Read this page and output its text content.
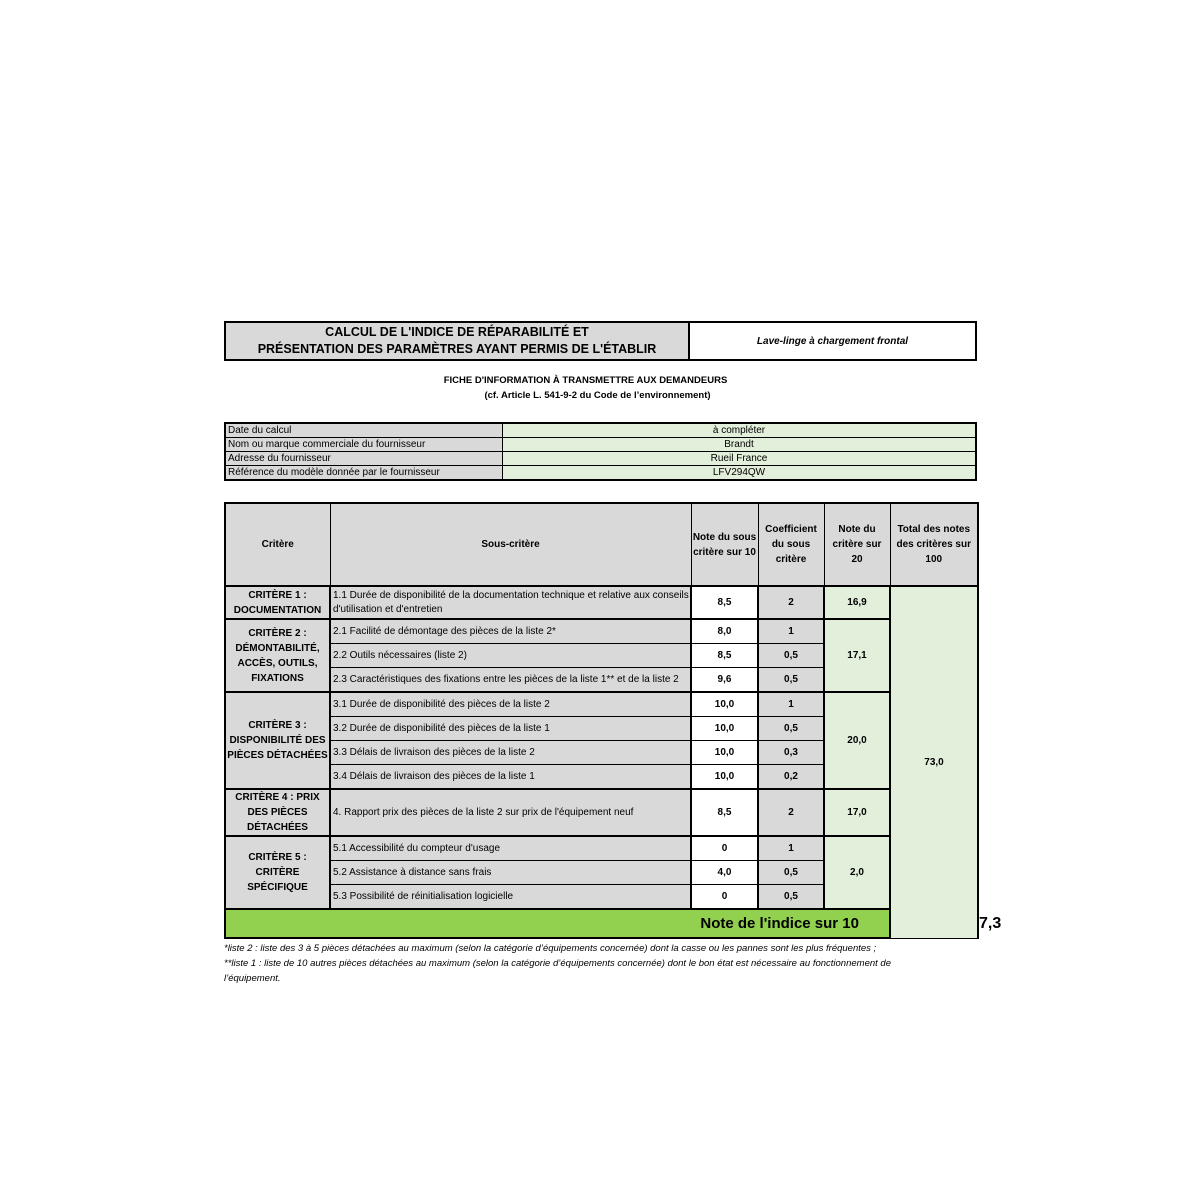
CALCUL DE L'INDICE DE RÉPARABILITÉ ET
PRÉSENTATION DES PARAMÈTRES AYANT PERMIS DE L'ÉTABLIR
Lave-linge à chargement frontal
FICHE D'INFORMATION À TRANSMETTRE AUX DEMANDEURS
(cf. Article L. 541-9-2 du Code de l’environnement)
Date du calcul	à compléter
Nom ou marque commerciale du fournisseur	Brandt
Adresse du fournisseur	Rueil France
Référence du modèle donnée par le fournisseur	LFV294QW
Critère	Sous-critère	Note du sous critère sur 10	Coefficient du sous critère	Note du critère sur 20	Total des notes des critères sur 100	
CRITÈRE 1 : DOCUMENTATION	1.1 Durée de disponibilité de la documentation technique et relative aux conseils d'utilisation et d'entretien	8,5	2	16,9	73,0	
CRITÈRE 2 : DÉMONTABILITÉ, ACCÈS, OUTILS, FIXATIONS	2.1 Facilité de démontage des pièces de la liste 2*	8,0	1	17,1		
	2.2 Outils nécessaires (liste 2)	8,5	0,5			
	2.3 Caractéristiques des fixations entre les pièces de la liste 1** et de la liste 2	9,6	0,5			
CRITÈRE 3 : DISPONIBILITÉ DES PIÈCES DÉTACHÉES	3.1 Durée de disponibilité des pièces de la liste 2	10,0	1	20,0		
	3.2 Durée de disponibilité des pièces de la liste 1	10,0	0,5			
	3.3 Délais de livraison des pièces de la liste 2	10,0	0,3			
	3.4 Délais de livraison des pièces de la liste 1	10,0	0,2			
CRITÈRE 4 : PRIX DES PIÈCES DÉTACHÉES	4. Rapport prix des pièces de la liste 2 sur prix de l'équipement neuf	8,5	2	17,0		
CRITÈRE 5 : CRITÈRE SPÉCIFIQUE	5.1 Accessibilité du compteur d'usage	0	1	2,0		
	5.2 Assistance à distance sans frais	4,0	0,5			
	5.3 Possibilité de réinitialisation logicielle	0	0,5			
Note de l'indice sur 10						7,3
*liste 2 : liste des 3 à 5 pièces détachées au maximum (selon la catégorie d’équipements concernée) dont la casse ou les pannes sont les plus fréquentes ;
**liste 1 : liste de 10 autres pièces détachées au maximum (selon la catégorie d’équipements concernée) dont le bon état est nécessaire au fonctionnement de
l’équipement.
